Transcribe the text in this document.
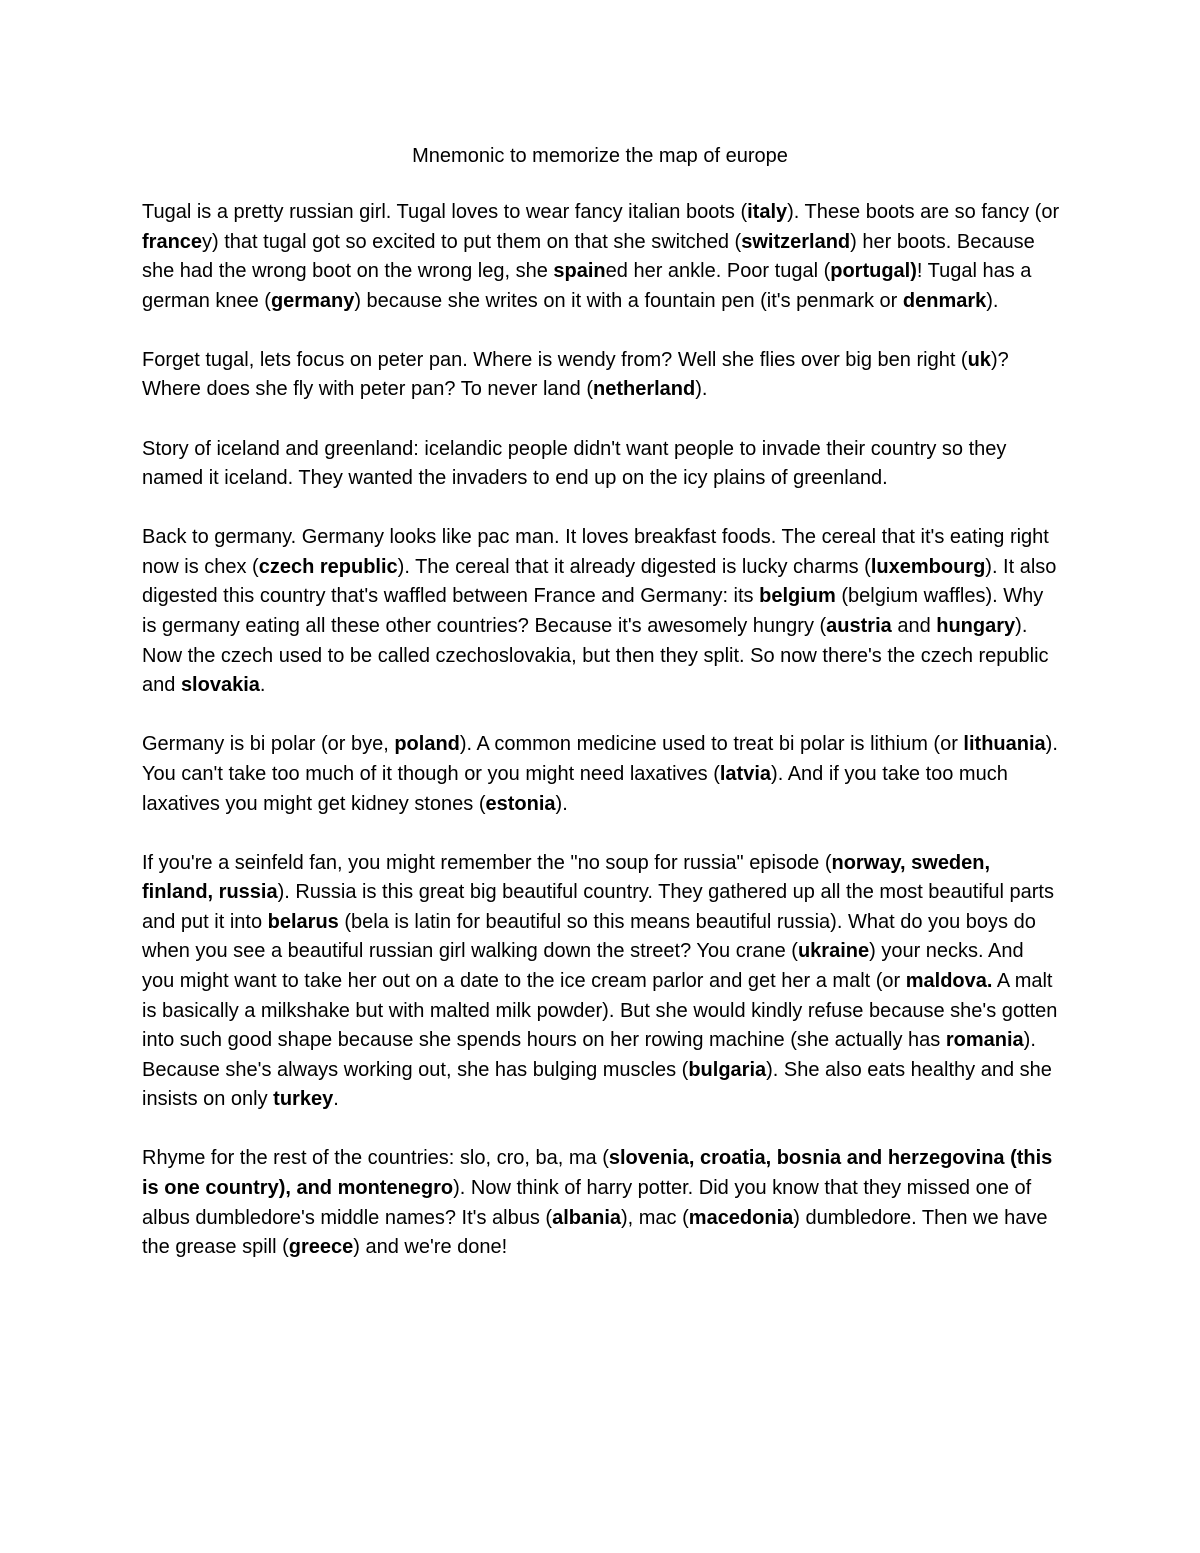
Mnemonic to memorize the map of europe

Tugal is a pretty russian girl. Tugal loves to wear fancy italian boots (italy). These boots are so fancy (or francey) that tugal got so excited to put them on that she switched (switzerland) her boots. Because she had the wrong boot on the wrong leg, she spained her ankle. Poor tugal (portugal)! Tugal has a german knee (germany) because she writes on it with a fountain pen (it's penmark or denmark).

Forget tugal, lets focus on peter pan. Where is wendy from? Well she flies over big ben right (uk)? Where does she fly with peter pan? To never land (netherland).

Story of iceland and greenland: icelandic people didn't want people to invade their country so they named it iceland. They wanted the invaders to end up on the icy plains of greenland.

Back to germany. Germany looks like pac man. It loves breakfast foods. The cereal that it's eating right now is chex (czech republic). The cereal that it already digested is lucky charms (luxembourg). It also digested this country that's waffled between France and Germany: its belgium (belgium waffles). Why is germany eating all these other countries? Because it's awesomely hungry (austria and hungary). Now the czech used to be called czechoslovakia, but then they split. So now there's the czech republic and slovakia.

Germany is bi polar (or bye, poland). A common medicine used to treat bi polar is lithium (or lithuania). You can't take too much of it though or you might need laxatives (latvia). And if you take too much laxatives you might get kidney stones (estonia).

If you're a seinfeld fan, you might remember the "no soup for russia" episode (norway, sweden, finland, russia). Russia is this great big beautiful country. They gathered up all the most beautiful parts and put it into belarus (bela is latin for beautiful so this means beautiful russia). What do you boys do when you see a beautiful russian girl walking down the street? You crane (ukraine) your necks. And you might want to take her out on a date to the ice cream parlor and get her a malt (or maldova. A malt is basically a milkshake but with malted milk powder). But she would kindly refuse because she's gotten into such good shape because she spends hours on her rowing machine (she actually has romania). Because she's always working out, she has bulging muscles (bulgaria). She also eats healthy and she insists on only turkey.

Rhyme for the rest of the countries: slo, cro, ba, ma (slovenia, croatia, bosnia and herzegovina (this is one country), and montenegro). Now think of harry potter. Did you know that they missed one of albus dumbledore's middle names? It's albus (albania), mac (macedonia) dumbledore. Then we have the grease spill (greece) and we're done!
